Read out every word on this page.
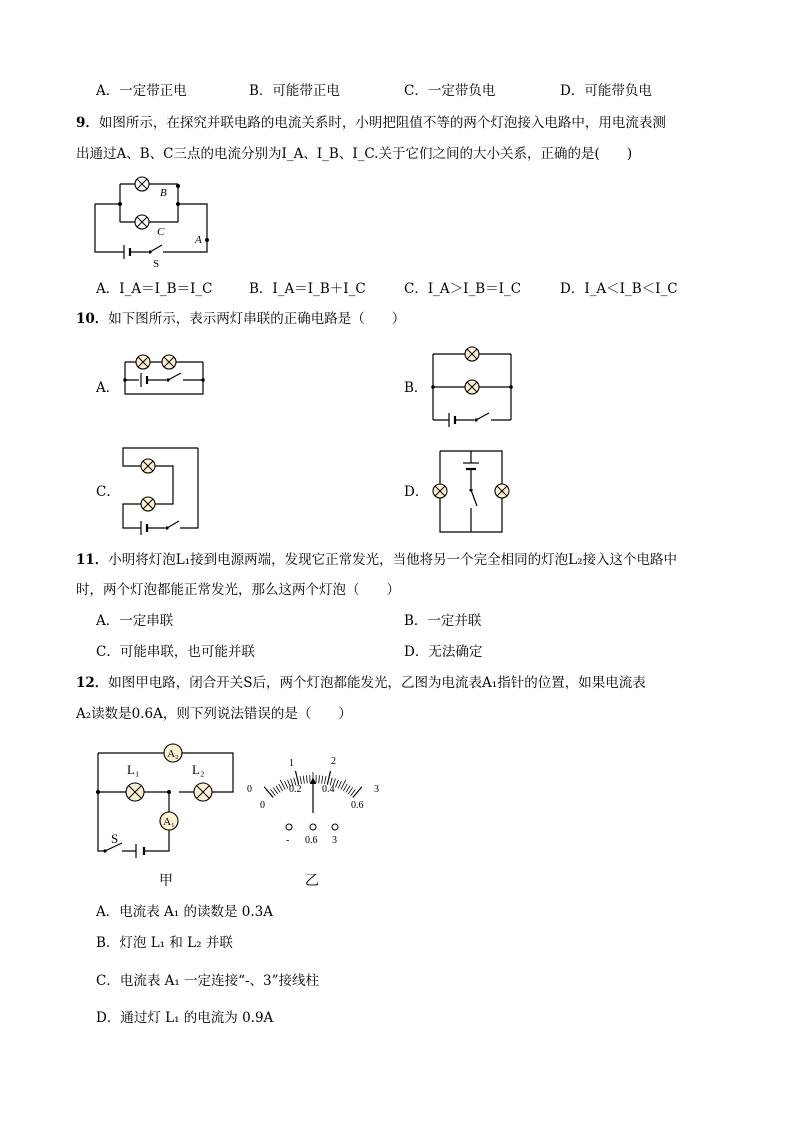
A．一定带正电	B．可能带正电	C．一定带负电	D．可能带负电
9．如图所示，在探究并联电路的电流关系时，小明把阻值不等的两个灯泡接入电路中，用电流表测
出通过A、B、C三点的电流分别为I_A、I_B、I_C.关于它们之间的大小关系，正确的是(　　)
B
C
A
S
A．I_A＝I_B＝I_C	B．I_A＝I_B＋I_C	C．I_A＞I_B＝I_C	D．I_A＜I_B＜I_C
10．如下图所示，表示两灯串联的正确电路是（　　）
A．	B．
C．	D．
11．小明将灯泡L₁接到电源两端，发现它正常发光，当他将另一个完全相同的灯泡L₂接入这个电路中
时，两个灯泡都能正常发光，那么这两个灯泡（　　）
A．一定串联	B．一定并联
C．可能串联，也可能并联	D．无法确定
12．如图甲电路，闭合开关S后，两个灯泡都能发光，乙图为电流表A₁指针的位置，如果电流表
A₂读数是0.6A，则下列说法错误的是（　　）
A₂
A₁
L₁	L₂
S
甲
0
1	2
3
0
0.2 0.4
0.6
- 0.6 3
乙
A．电流表 A₁ 的读数是 0.3A
B．灯泡 L₁ 和 L₂ 并联
C．电流表 A₁ 一定连接“-、3”接线柱
D．通过灯 L₁ 的电流为 0.9A
